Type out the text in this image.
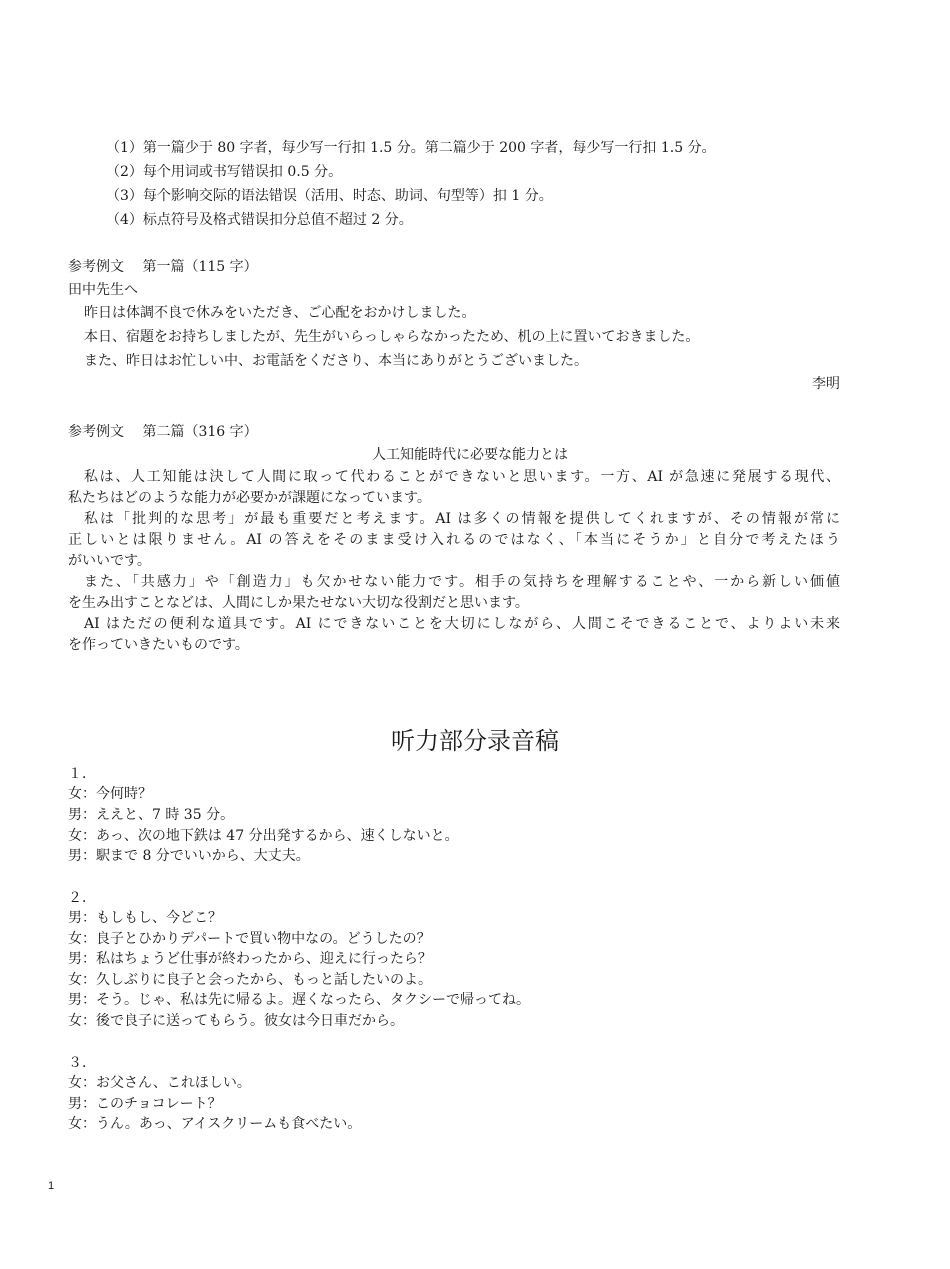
（1）第一篇少于 80 字者，每少写一行扣 1.5 分。第二篇少于 200 字者，每少写一行扣 1.5 分。
（2）每个用词或书写错误扣 0.5 分。
（3）每个影响交际的语法错误（活用、时态、助词、句型等）扣 1 分。
（4）标点符号及格式错误扣分总值不超过 2 分。
参考例文　 第一篇（115 字）
田中先生へ
昨日は体調不良で休みをいただき、ご心配をおかけしました。
本日、宿題をお持ちしましたが、先生がいらっしゃらなかったため、机の上に置いておきました。
また、昨日はお忙しい中、お電話をくださり、本当にありがとうございました。
李明
参考例文　 第二篇（316 字）
人工知能時代に必要な能力とは
私は、人工知能は決して人間に取って代わることができないと思います。一方、AI が急速に発展する現代、
私たちはどのような能力が必要かが課題になっています。
私は「批判的な思考」が最も重要だと考えます。AI は多くの情報を提供してくれますが、その情報が常に
正しいとは限りません。AI の答えをそのまま受け入れるのではなく、「本当にそうか」と自分で考えたほう
がいいです。
また、「共感力」や「創造力」も欠かせない能力です。相手の気持ちを理解することや、一から新しい価値
を生み出すことなどは、人間にしか果たせない大切な役割だと思います。
AI はただの便利な道具です。AI にできないことを大切にしながら、人間こそできることで、よりよい未来
を作っていきたいものです。
听力部分录音稿
１．
女：今何時？
男：ええと、7 時 35 分。
女：あっ、次の地下鉄は 47 分出発するから、速くしないと。
男：駅まで 8 分でいいから、大丈夫。
２．
男：もしもし、今どこ？
女：良子とひかりデパートで買い物中なの。どうしたの？
男：私はちょうど仕事が終わったから、迎えに行ったら？
女：久しぶりに良子と会ったから、もっと話したいのよ。
男：そう。じゃ、私は先に帰るよ。遅くなったら、タクシーで帰ってね。
女：後で良子に送ってもらう。彼女は今日車だから。
３．
女：お父さん、これほしい。
男：このチョコレート？
女：うん。あっ、アイスクリームも食べたい。
1
